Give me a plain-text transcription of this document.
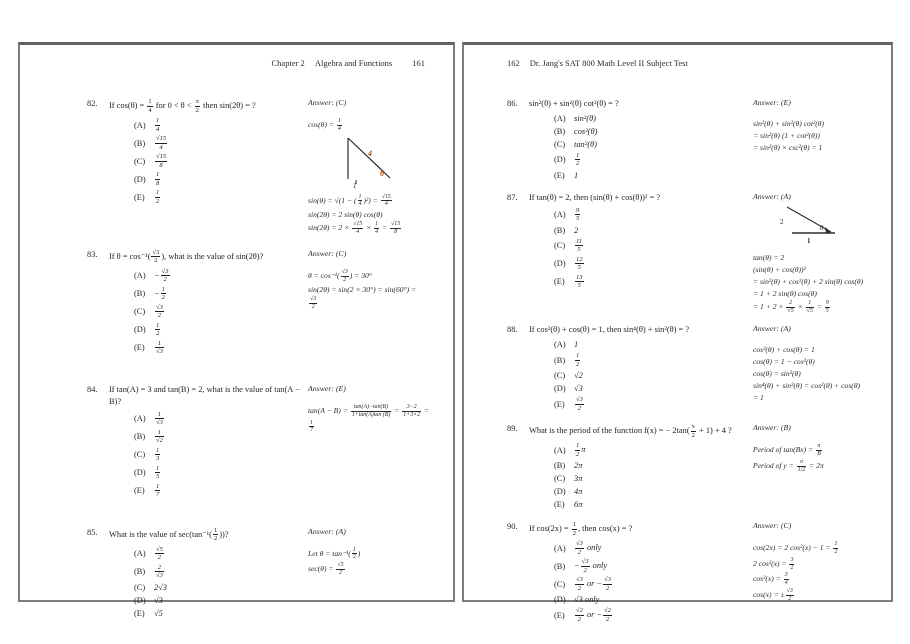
Chapter 2 Algebra and Functions 161
82.	If $\cos(\theta) = \frac{1}{4}$ for $0 < \theta < \frac{\pi}{2}$ then sin(2θ) = ?
(A)	$\frac{1}{4}$
(B)	$\frac{√15}{4}$
(C)	$\frac{√15}{8}$
(D)	$\frac{1}{8}$
(E)	$\frac{1}{2}$
Answer: (C)
$\cos(\theta) = \frac{1}{4}$
4
θ
1
sin(θ) = √(1 − ( $\frac{1}{4} )^2) = \frac{√15}{4}$
sin(2θ) = 2 sin(θ) cos(θ)
$\sin(2\theta) = 2 \times \frac{√15}{4} \times \frac{1}{4} = \frac{√15}{8}$
83.	If $\theta = \cos^{-1}( \frac{√3}{2}$ ), what is the value of sin(2θ)?
$(A) - \frac{√3}{2}$
(B)	− $\frac{1}{2}$
(C)	$\frac{√3}{2}$
(D)	$\frac{1}{2}$
(E)	$\frac{1}{√3}$
Answer: (C)
$\theta = \cos^{-1}( \frac{√3}{2}$ ) = 30°
sin(2θ) = sin(2 × 30°) = sin(60°) =
$\frac{√3}{2}$
84.	If tan(A) = 3 and tan(B) = 2, what is the value of tan(A − B)?
(A)	$\frac{1}{√3}$
(B)	$\frac{1}{√2}$
(C)	$\frac{1}{3}$
(D)	$\frac{1}{5}$
(E)	$\frac{1}{7}$
Answer: (E)
$\tan(A - B) = \frac{\tan(A)-\tan(B)}{1+\tan(A)\tan (B)} = \frac{3-2}{1+3\times 2}$ =
$\frac{1}{7}$
85.	What is the value of $\sec(\tan^{-1}( \frac{1}{2}$ ))?
(A)	$\frac{√5}{2}$
(B)	$\frac{2}{√3}$
(C)	2√3
(D) √3
(E)	√5
Answer: (A)
Let $\theta = \tan^{-1}( \frac{1}{2}$ )
$\sec(\theta) = \frac{√5}{2}$
162 Dr. Jang's SAT 800 Math Level II Subject Test
86.	sin²(θ) + sin²(θ) cot²(θ) = ?
(A) sin²(θ)
(B)	cos²(θ)
(C)	tan²(θ)
(D)	$\frac{1}{2}$
(E)	1
Answer: (E)
sin²(θ) + sin²(θ) cot²(θ)
= sin²(θ) (1 + cot²(θ))
= sin²(θ) × csc²(θ) = 1
87.	If tan(θ) = 2, then (sin(θ) + cos(θ))² = ?
(A)	$\frac{9}{5}$
(B)	2
(C)	$\frac{11}{5}$
(D)	$\frac{12}{5}$
(E)	$\frac{13}{5}$
Answer: (A)
2
θ
1
tan(θ) = 2
(sin(θ) + cos(θ))²
= sin²(θ) + cos²(θ) + 2 sin(θ) cos(θ)
= 1 + 2 sin(θ) cos(θ)
= $1 + 2 \times \frac{2}{√5} \times \frac{1}{√5} = \frac{9}{5}$
88.	If cos²(θ) + cos(θ) = 1, then sin⁴(θ) + sin²(θ) = ?
(A) 1
(B)	$\frac{1}{2}$
(C)	√2
(D) √3
(E)	$\frac{√3}{2}$
Answer: (A)
cos²(θ) + cos(θ) = 1
cos(θ) = 1 − cos²(θ)
cos(θ) = sin²(θ)
sin⁴(θ) + sin²(θ) = cos²(θ) + cos(θ)
= 1
89.	What is the period of the function f(x) = − $2\tan( \frac{x}{2} + 1) + 4$ ?
(A)	$\frac{1}{2}$ π
(B)	2π
(C)	3π
(D) 4π
(E)	6π
Answer: (B)
Period of $\tan(Bx) = \frac{\pi}{B}$
Period of $y = \frac{\pi}{1/2} = 2\pi$
90.	If $\cos(2x) = \frac{1}{2}$ , then cos(x) = ?
(A)	$\frac{√3}{2}$ only
(B)	− $\frac{√3}{2}$ only
(C)	$\frac{√3}{2}$ or − $\frac{√3}{2}$
(D) √3 only
(E)	$\frac{√2}{2}$ or − $\frac{√2}{2}$
Answer: (C)
cos(2x) = 2 $\cos^2(x) - 1 = \frac{1}{2}$
2 $\cos^2(x) = \frac{3}{2}$
$\cos^2(x) = \frac{3}{4}$
cos(x) = ± $\frac{√3}{2}$
